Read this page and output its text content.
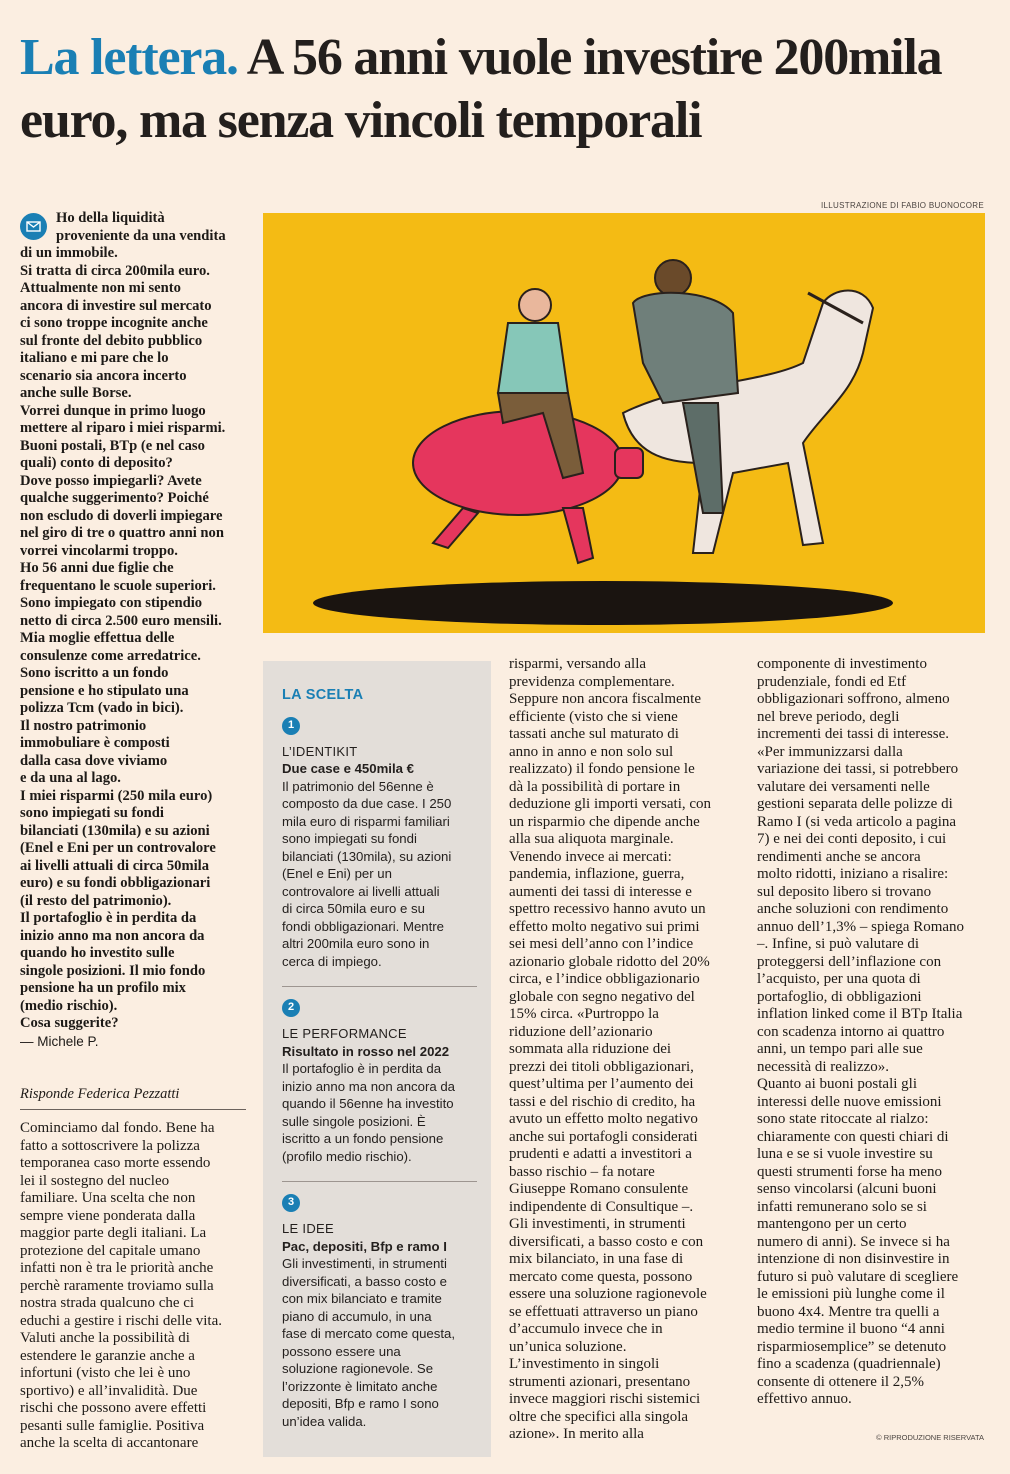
La lettera. A 56 anni vuole investire 200mila euro, ma senza vincoli temporali
ILLUSTRAZIONE DI FABIO BUONOCORE

Ho della liquidità

proveniente da una vendita

di un immobile.

Si tratta di circa 200mila euro.

Attualmente non mi sento

ancora di investire sul mercato

ci sono troppe incognite anche

sul fronte del debito pubblico

italiano e mi pare che lo

scenario sia ancora incerto

anche sulle Borse.

Vorrei dunque in primo luogo

mettere al riparo i miei risparmi.

Buoni postali, BTp (e nel caso

quali) conto di deposito?

Dove posso impiegarli? Avete

qualche suggerimento? Poiché

non escludo di doverli impiegare

nel giro di tre o quattro anni non

vorrei vincolarmi troppo.

Ho 56 anni due figlie che

frequentano le scuole superiori.

Sono impiegato con stipendio

netto di circa 2.500 euro mensili.

Mia moglie effettua delle

consulenze come arredatrice.

Sono iscritto a un fondo

pensione e ho stipulato una

polizza Tcm (vado in bici).

Il nostro patrimonio

immobuliare è composti

dalla casa dove viviamo

e da una al lago.

I miei risparmi (250 mila euro)

sono impiegati su fondi

bilanciati (130mila) e su azioni

(Enel e Eni per un controvalore

ai livelli attuali di circa 50mila

euro) e su fondi obbligazionari

(il resto del patrimonio).

Il portafoglio è in perdita da

inizio anno ma non ancora da

quando ho investito sulle

singole posizioni. Il mio fondo

pensione ha un profilo mix

(medio rischio).

Cosa suggerite?

— Michele P.

Risponde Federica Pezzatti

Cominciamo dal fondo. Bene ha

fatto a sottoscrivere la polizza

temporanea caso morte essendo

lei il sostegno del nucleo

familiare. Una scelta che non

sempre viene ponderata dalla

maggior parte degli italiani. La

protezione del capitale umano

infatti non è tra le priorità anche

perchè raramente troviamo sulla

nostra strada qualcuno che ci

educhi a gestire i rischi delle vita.

Valuti anche la possibilità di

estendere le garanzie anche a

infortuni (visto che lei è uno

sportivo) e all’invalidità. Due

rischi che possono avere effetti

pesanti sulle famiglie. Positiva

anche la scelta di accantonare

LA SCELTA
1
L’IDENTIKIT
Due case e 450mila €

Il patrimonio del 56enne è

composto da due case. I 250

mila euro di risparmi familiari

sono impiegati su fondi

bilanciati (130mila), su azioni

(Enel e Eni) per un

controvalore ai livelli attuali

di circa 50mila euro e su

fondi obbligazionari. Mentre

altri 200mila euro sono in

cerca di impiego.

2
LE PERFORMANCE
Risultato in rosso nel 2022

Il portafoglio è in perdita da

inizio anno ma non ancora da

quando il 56enne ha investito

sulle singole posizioni. È

iscritto a un fondo pensione

(profilo medio rischio).

3
LE IDEE
Pac, depositi, Bfp e ramo I

Gli investimenti, in strumenti

diversificati, a basso costo e

con mix bilanciato e tramite

piano di accumulo, in una

fase di mercato come questa,

possono essere una

soluzione ragionevole. Se

l’orizzonte è limitato anche

depositi, Bfp e ramo I sono

un’idea valida.

risparmi, versando alla

previdenza complementare.

Seppure non ancora fiscalmente

efficiente (visto che si viene

tassati anche sul maturato di

anno in anno e non solo sul

realizzato) il fondo pensione le

dà la possibilità di portare in

deduzione gli importi versati, con

un risparmio che dipende anche

alla sua aliquota marginale.

Venendo invece ai mercati:

pandemia, inflazione, guerra,

aumenti dei tassi di interesse e

spettro recessivo hanno avuto un

effetto molto negativo sui primi

sei mesi dell’anno con l’indice

azionario globale ridotto del 20%

circa, e l’indice obbligazionario

globale con segno negativo del

15% circa. «Purtroppo la

riduzione dell’azionario

sommata alla riduzione dei

prezzi dei titoli obbligazionari,

quest’ultima per l’aumento dei

tassi e del rischio di credito, ha

avuto un effetto molto negativo

anche sui portafogli considerati

prudenti e adatti a investitori a

basso rischio – fa notare

Giuseppe Romano consulente

indipendente di Consultique –.

Gli investimenti, in strumenti

diversificati, a basso costo e con

mix bilanciato, in una fase di

mercato come questa, possono

essere una soluzione ragionevole

se effettuati attraverso un piano

d’accumulo invece che in

un’unica soluzione.

L’investimento in singoli

strumenti azionari, presentano

invece maggiori rischi sistemici

oltre che specifici alla singola

azione». In merito alla

componente di investimento

prudenziale, fondi ed Etf

obbligazionari soffrono, almeno

nel breve periodo, degli

incrementi dei tassi di interesse.

«Per immunizzarsi dalla

variazione dei tassi, si potrebbero

valutare dei versamenti nelle

gestioni separata delle polizze di

Ramo I (si veda articolo a pagina

7) e nei dei conti deposito, i cui

rendimenti anche se ancora

molto ridotti, iniziano a risalire:

sul deposito libero si trovano

anche soluzioni con rendimento

annuo dell’1,3% – spiega Romano

–. Infine, si può valutare di

proteggersi dell’inflazione con

l’acquisto, per una quota di

portafoglio, di obbligazioni

inflation linked come il BTp Italia

con scadenza intorno ai quattro

anni, un tempo pari alle sue

necessità di realizzo».

Quanto ai buoni postali gli

interessi delle nuove emissioni

sono state ritoccate al rialzo:

chiaramente con questi chiari di

luna e se si vuole investire su

questi strumenti forse ha meno

senso vincolarsi (alcuni buoni

infatti remunerano solo se si

mantengono per un certo

numero di anni). Se invece si ha

intenzione di non disinvestire in

futuro si può valutare di scegliere

le emissioni più lunghe come il

buono 4x4. Mentre tra quelli a

medio termine il buono “4 anni

risparmiosemplice” se detenuto

fino a scadenza (quadriennale)

consente di ottenere il 2,5%

effettivo annuo.

© RIPRODUZIONE RISERVATA
